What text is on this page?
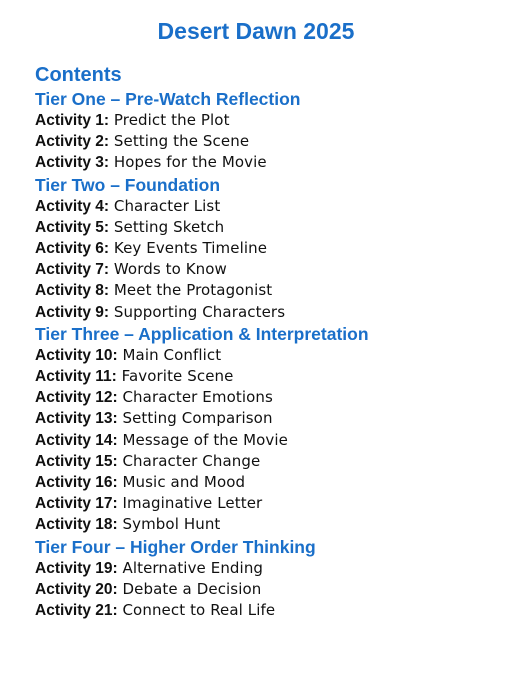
Desert Dawn 2025
Contents
Tier One – Pre-Watch Reflection

Activity 1: Predict the Plot

Activity 2: Setting the Scene

Activity 3: Hopes for the Movie

Tier Two – Foundation

Activity 4: Character List

Activity 5: Setting Sketch

Activity 6: Key Events Timeline

Activity 7: Words to Know

Activity 8: Meet the Protagonist

Activity 9: Supporting Characters

Tier Three – Application & Interpretation

Activity 10: Main Conflict

Activity 11: Favorite Scene

Activity 12: Character Emotions

Activity 13: Setting Comparison

Activity 14: Message of the Movie

Activity 15: Character Change

Activity 16: Music and Mood

Activity 17: Imaginative Letter

Activity 18: Symbol Hunt

Tier Four – Higher Order Thinking

Activity 19: Alternative Ending

Activity 20: Debate a Decision

Activity 21: Connect to Real Life
